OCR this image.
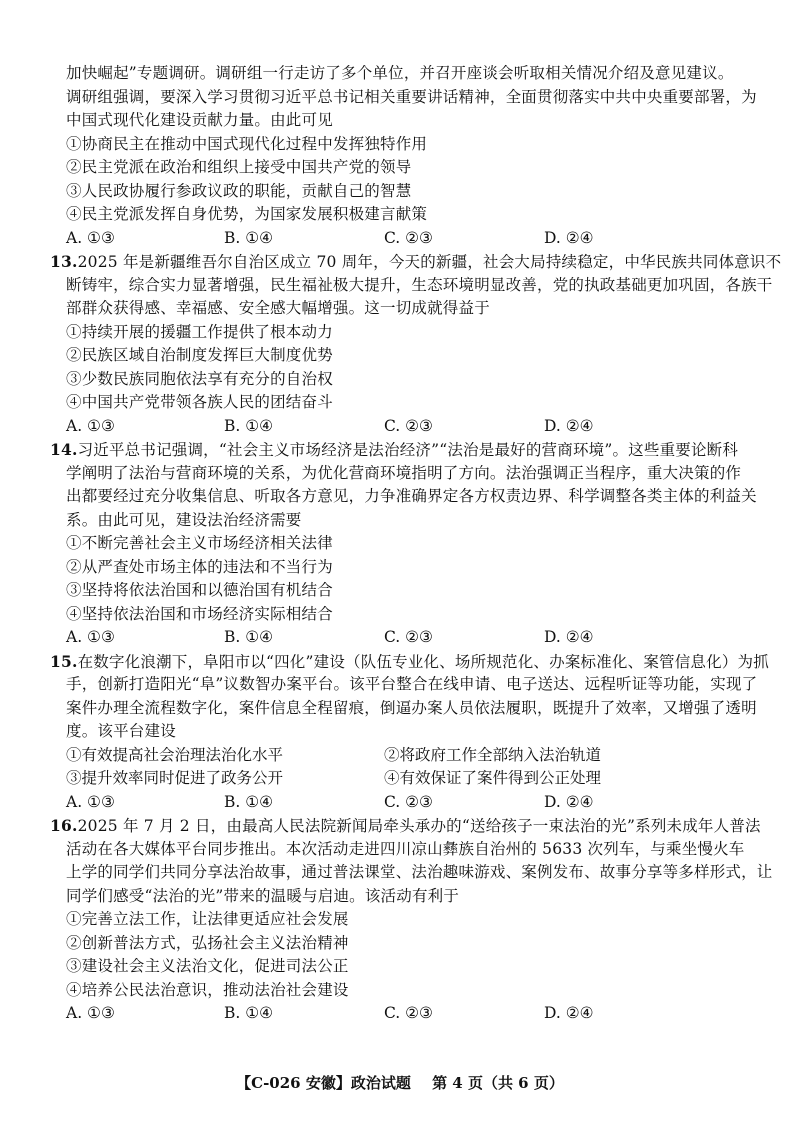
加快崛起”专题调研。调研组一行走访了多个单位，并召开座谈会听取相关情况介绍及意见建议。
调研组强调，要深入学习贯彻习近平总书记相关重要讲话精神，全面贯彻落实中共中央重要部署，为
中国式现代化建设贡献力量。由此可见
①协商民主在推动中国式现代化过程中发挥独特作用
②民主党派在政治和组织上接受中国共产党的领导
③人民政协履行参政议政的职能，贡献自己的智慧
④民主党派发挥自身优势，为国家发展积极建言献策
A. ①③	B. ①④	C. ②③	D. ②④
13.2025 年是新疆维吾尔自治区成立 70 周年，今天的新疆，社会大局持续稳定，中华民族共同体意识不
断铸牢，综合实力显著增强，民生福祉极大提升，生态环境明显改善，党的执政基础更加巩固，各族干
部群众获得感、幸福感、安全感大幅增强。这一切成就得益于
①持续开展的援疆工作提供了根本动力
②民族区域自治制度发挥巨大制度优势
③少数民族同胞依法享有充分的自治权
④中国共产党带领各族人民的团结奋斗
A. ①③	B. ①④	C. ②③	D. ②④
14.习近平总书记强调，“社会主义市场经济是法治经济”“法治是最好的营商环境”。这些重要论断科
学阐明了法治与营商环境的关系，为优化营商环境指明了方向。法治强调正当程序，重大决策的作
出都要经过充分收集信息、听取各方意见，力争准确界定各方权责边界、科学调整各类主体的利益关
系。由此可见，建设法治经济需要
①不断完善社会主义市场经济相关法律
②从严查处市场主体的违法和不当行为
③坚持将依法治国和以德治国有机结合
④坚持依法治国和市场经济实际相结合
A. ①③	B. ①④	C. ②③	D. ②④
15.在数字化浪潮下，阜阳市以“四化”建设（队伍专业化、场所规范化、办案标准化、案管信息化）为抓
手，创新打造阳光“阜”议数智办案平台。该平台整合在线申请、电子送达、远程听证等功能，实现了
案件办理全流程数字化，案件信息全程留痕，倒逼办案人员依法履职，既提升了效率，又增强了透明
度。该平台建设
①有效提高社会治理法治化水平	②将政府工作全部纳入法治轨道
③提升效率同时促进了政务公开	④有效保证了案件得到公正处理
A. ①③	B. ①④	C. ②③	D. ②④
16.2025 年 7 月 2 日，由最高人民法院新闻局牵头承办的“送给孩子一束法治的光”系列未成年人普法
活动在各大媒体平台同步推出。本次活动走进四川凉山彝族自治州的 5633 次列车，与乘坐慢火车
上学的同学们共同分享法治故事，通过普法课堂、法治趣味游戏、案例发布、故事分享等多样形式，让
同学们感受“法治的光”带来的温暖与启迪。该活动有利于
①完善立法工作，让法律更适应社会发展
②创新普法方式，弘扬社会主义法治精神
③建设社会主义法治文化，促进司法公正
④培养公民法治意识，推动法治社会建设
A. ①③	B. ①④	C. ②③	D. ②④
【C-026 安徽】政治试题 第 4 页（共 6 页）
